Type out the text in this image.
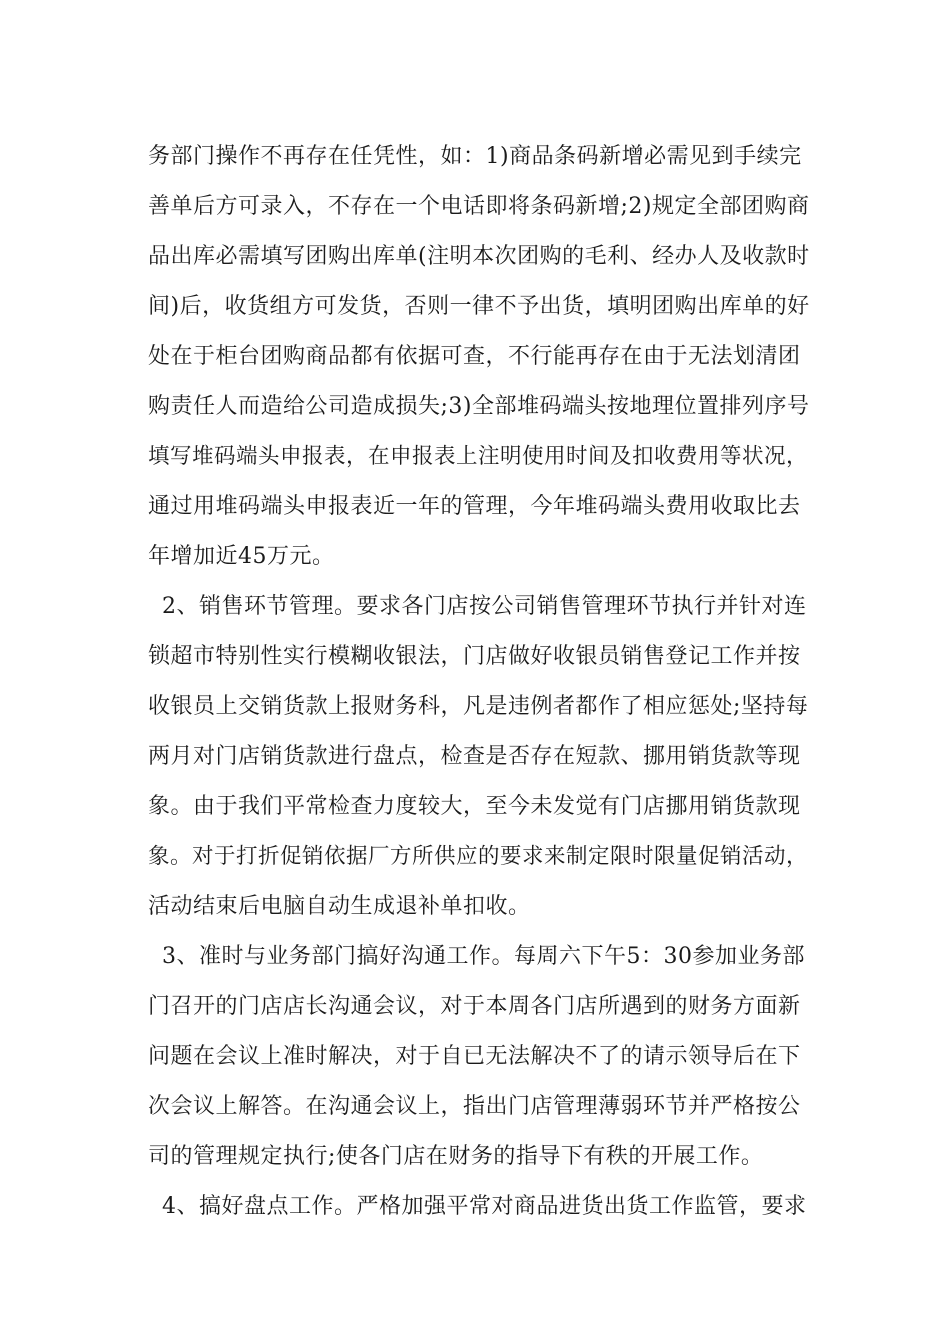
务部门操作不再存在任凭性，如：1)商品条码新增必需见到手续完
善单后方可录入，不存在一个电话即将条码新增;2)规定全部团购商
品出库必需填写团购出库单(注明本次团购的毛利、经办人及收款时
间)后，收货组方可发货，否则一律不予出货，填明团购出库单的好
处在于柜台团购商品都有依据可查，不行能再存在由于无法划清团
购责任人而造给公司造成损失;3)全部堆码端头按地理位置排列序号
填写堆码端头申报表，在申报表上注明使用时间及扣收费用等状况，
通过用堆码端头申报表近一年的管理，今年堆码端头费用收取比去
年增加近45万元。
2、销售环节管理。要求各门店按公司销售管理环节执行并针对连
锁超市特别性实行模糊收银法，门店做好收银员销售登记工作并按
收银员上交销货款上报财务科，凡是违例者都作了相应惩处;坚持每
两月对门店销货款进行盘点，检查是否存在短款、挪用销货款等现
象。由于我们平常检查力度较大，至今未发觉有门店挪用销货款现
象。对于打折促销依据厂方所供应的要求来制定限时限量促销活动，
活动结束后电脑自动生成退补单扣收。
3、准时与业务部门搞好沟通工作。每周六下午5：30参加业务部
门召开的门店店长沟通会议，对于本周各门店所遇到的财务方面新
问题在会议上准时解决，对于自已无法解决不了的请示领导后在下
次会议上解答。在沟通会议上，指出门店管理薄弱环节并严格按公
司的管理规定执行;使各门店在财务的指导下有秩的开展工作。
4、搞好盘点工作。严格加强平常对商品进货出货工作监管，要求
